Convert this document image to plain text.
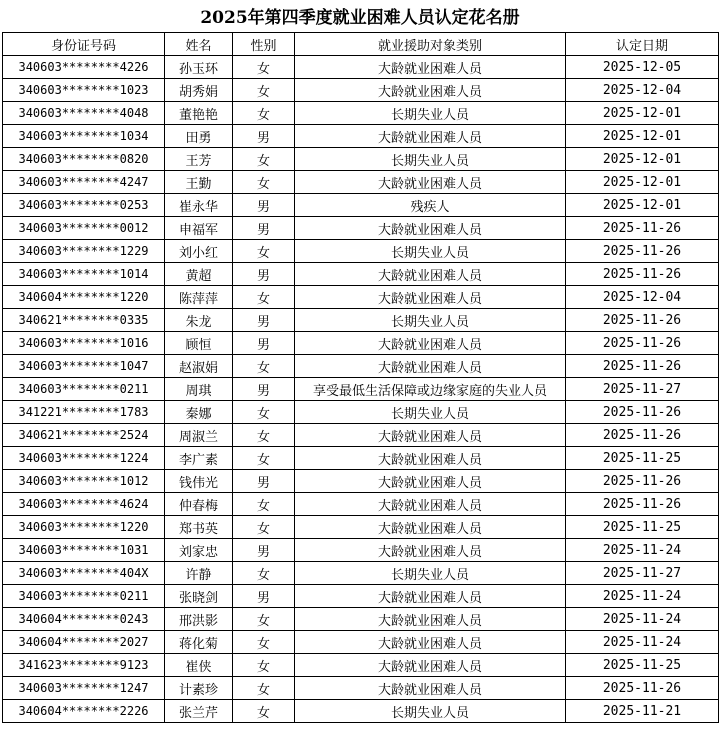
2025年第四季度就业困难人员认定花名册
身份证号码	姓名	性别	就业援助对象类别	认定日期
340603********4226	孙玉环	女	大龄就业困难人员	2025-12-05
340603********1023	胡秀娟	女	大龄就业困难人员	2025-12-04
340603********4048	董艳艳	女	长期失业人员	2025-12-01
340603********1034	田勇	男	大龄就业困难人员	2025-12-01
340603********0820	王芳	女	长期失业人员	2025-12-01
340603********4247	王勤	女	大龄就业困难人员	2025-12-01
340603********0253	崔永华	男	残疾人	2025-12-01
340603********0012	申福军	男	大龄就业困难人员	2025-11-26
340603********1229	刘小红	女	长期失业人员	2025-11-26
340603********1014	黄超	男	大龄就业困难人员	2025-11-26
340604********1220	陈萍萍	女	大龄就业困难人员	2025-12-04
340621********0335	朱龙	男	长期失业人员	2025-11-26
340603********1016	顾恒	男	大龄就业困难人员	2025-11-26
340603********1047	赵淑娟	女	大龄就业困难人员	2025-11-26
340603********0211	周琪	男	享受最低生活保障或边缘家庭的失业人员	2025-11-27
341221********1783	秦娜	女	长期失业人员	2025-11-26
340621********2524	周淑兰	女	大龄就业困难人员	2025-11-26
340603********1224	李广素	女	大龄就业困难人员	2025-11-25
340603********1012	钱伟光	男	大龄就业困难人员	2025-11-26
340603********4624	仲春梅	女	大龄就业困难人员	2025-11-26
340603********1220	郑书英	女	大龄就业困难人员	2025-11-25
340603********1031	刘家忠	男	大龄就业困难人员	2025-11-24
340603********404X	许静	女	长期失业人员	2025-11-27
340603********0211	张晓剑	男	大龄就业困难人员	2025-11-24
340604********0243	邢洪影	女	大龄就业困难人员	2025-11-24
340604********2027	蒋化菊	女	大龄就业困难人员	2025-11-24
341623********9123	崔侠	女	大龄就业困难人员	2025-11-25
340603********1247	计素珍	女	大龄就业困难人员	2025-11-26
340604********2226	张兰芹	女	长期失业人员	2025-11-21
